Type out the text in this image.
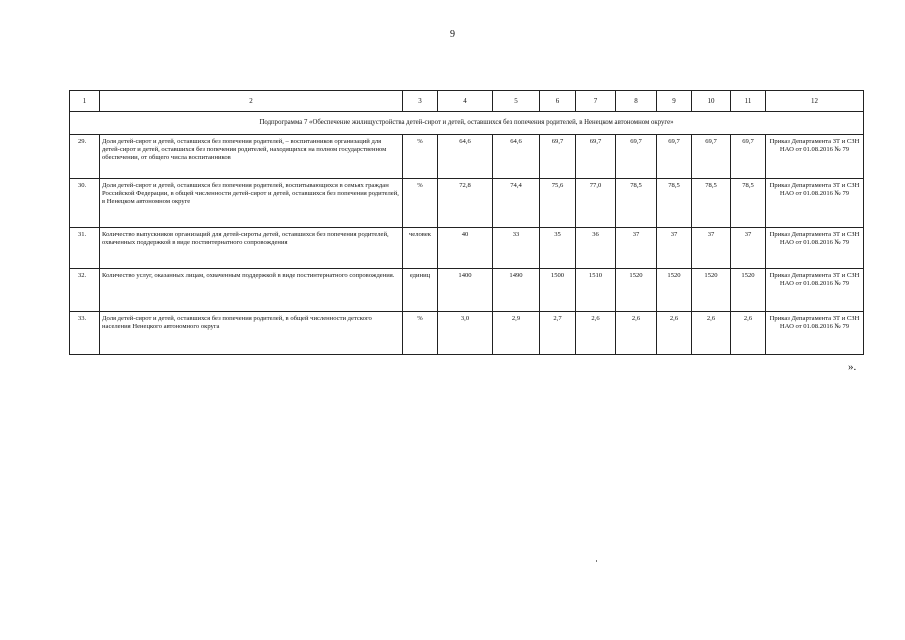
9
1	2	3	4	5	6	7	8	9	10	11	12
Подпрограмма 7 «Обеспечение жилищустройства детей-сирот и детей, оставшихся без попечения родителей, в Ненецком автономном округе»											
29.	Доля детей-сирот и детей, оставшихся без попечения родителей, – воспитанников организаций для детей-сирот и детей, оставшихся без попечения родителей, находящихся на полном государственном обеспечении, от общего числа воспитанников	%	64,6	64,6	69,7	69,7	69,7	69,7	69,7	69,7	Приказ Департамента ЗТ и СЗН НАО от 01.08.2016 № 79
30.	Доля детей-сирот и детей, оставшихся без попечения родителей, воспитывающихся в семьях граждан Российской Федерации, в общей численности детей-сирот и детей, оставшихся без попечения родителей, в Ненецком автономном округе	%	72,8	74,4	75,6	77,0	78,5	78,5	78,5	78,5	Приказ Департамента ЗТ и СЗН НАО от 01.08.2016 № 79
31.	Количество выпускников организаций для детей-сироты детей, оставшихся без попечения родителей, охваченных поддержкой в виде постинтернатного сопровождения	человек	40	33	35	36	37	37	37	37	Приказ Департамента ЗТ и СЗН НАО от 01.08.2016 № 79
32.	Количество услуг, оказанных лицам, охваченным поддержкой в виде постинтернатного сопровождения.	единиц	1400	1490	1500	1510	1520	1520	1520	1520	Приказ Департамента ЗТ и СЗН НАО от 01.08.2016 № 79
33.	Доля детей-сирот и детей, оставшихся без попечения родителей, в общей численности детского населения Ненецкого автономного округа	%	3,0	2,9	2,7	2,6	2,6	2,6	2,6	2,6	Приказ Департамента ЗТ и СЗН НАО от 01.08.2016 № 79
».
